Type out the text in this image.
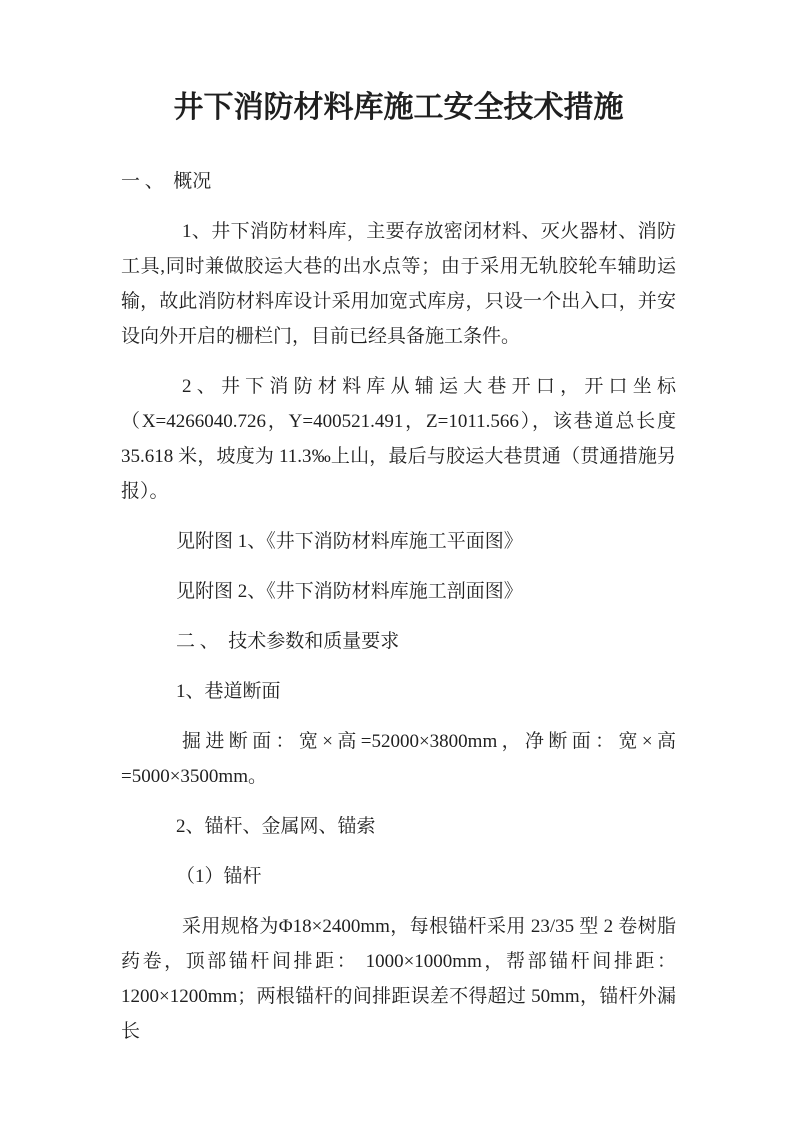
井下消防材料库施工安全技术措施

一 、　概况

1、井下消防材料库，主要存放密闭材料、灭火器材、消防工具,同时兼做胶运大巷的出水点等；由于采用无轨胶轮车辅助运输，故此消防材料库设计采用加宽式库房，只设一个出入口，并安设向外开启的栅栏门，目前已经具备施工条件。

2、井下消防材料库从辅运大巷开口，开口坐标（X=4266040.726，Y=400521.491，Z=1011.566），该巷道总长度 35.618 米，坡度为 11.3‰上山，最后与胶运大巷贯通（贯通措施另报）。

见附图 1、《井下消防材料库施工平面图》

见附图 2、《井下消防材料库施工剖面图》

二 、　技术参数和质量要求

1、巷道断面

掘进断面：宽×高=52000×3800mm，净断面：宽×高=5000×3500mm。

2、锚杆、金属网、锚索

（1）锚杆

采用规格为Φ18×2400mm，每根锚杆采用 23/35 型 2 卷树脂药卷，顶部锚杆间排距： 1000×1000mm，帮部锚杆间排距：1200×1200mm；两根锚杆的间排距误差不得超过 50mm，锚杆外漏长
